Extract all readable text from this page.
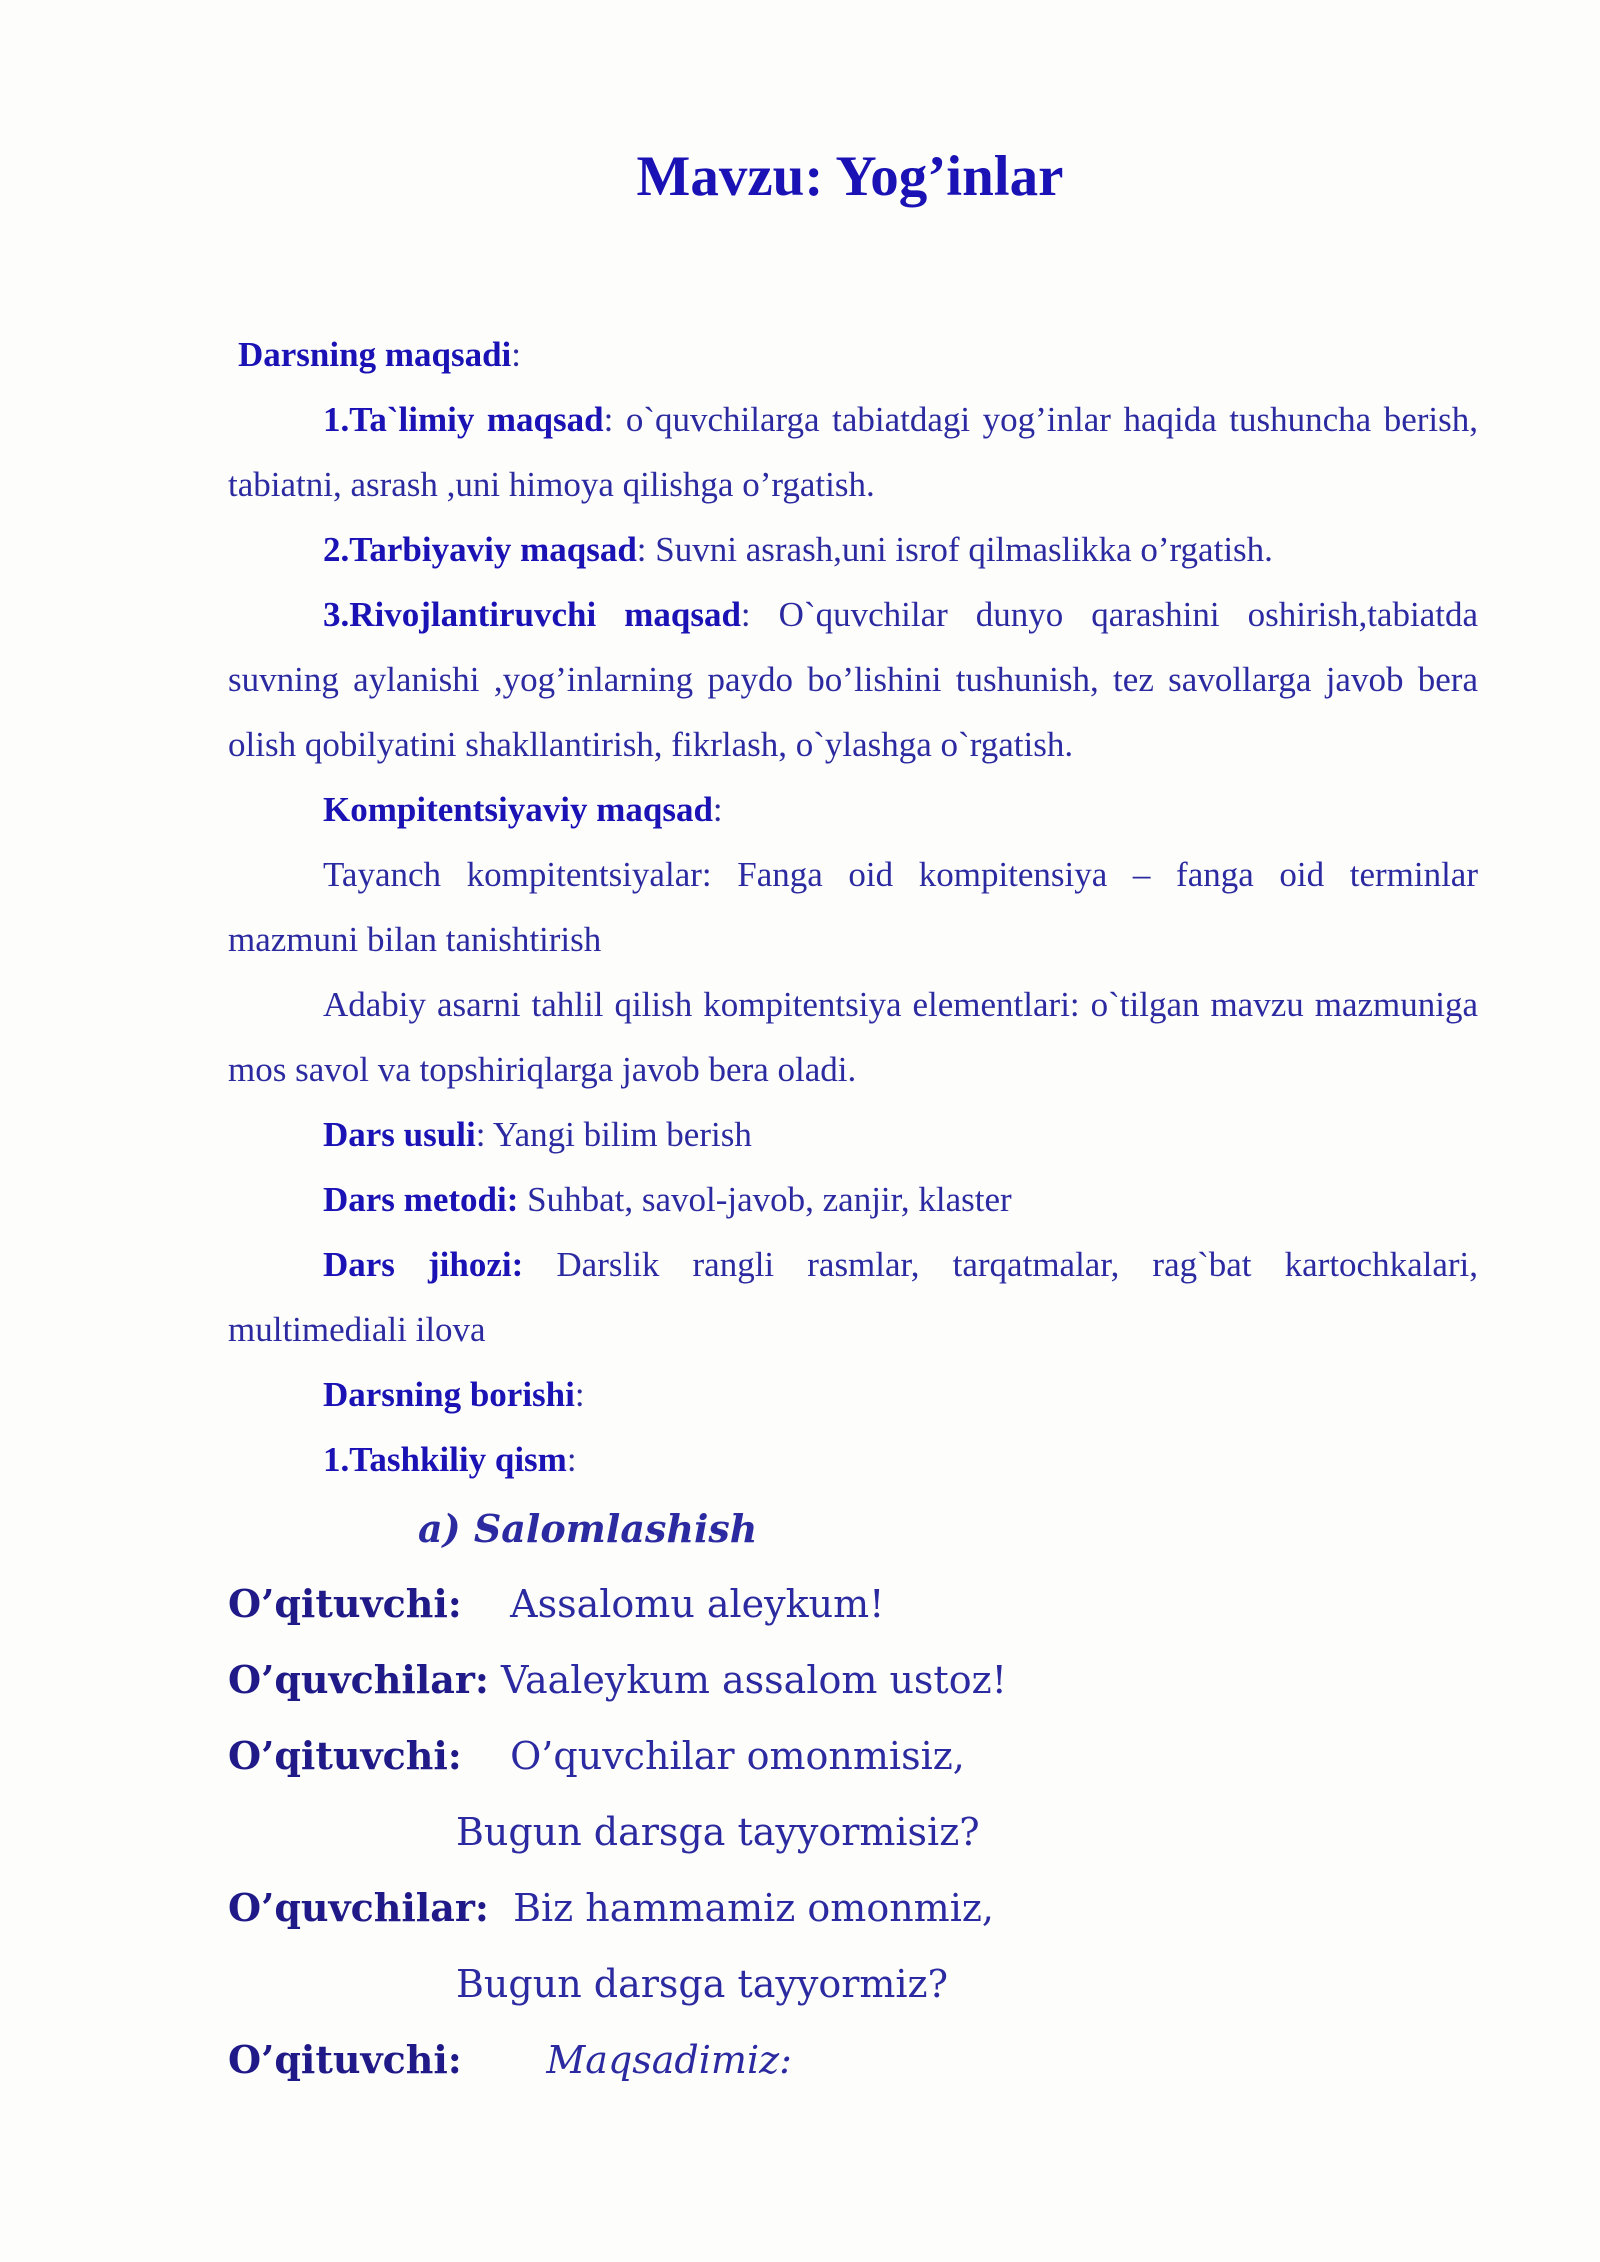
Mavzu: Yog’inlar

Darsning maqsadi:

1.Ta`limiy maqsad: o`quvchilarga tabiatdagi yog’inlar haqida tushuncha berish, tabiatni, asrash ,uni himoya qilishga o’rgatish.

2.Tarbiyaviy maqsad: Suvni asrash,uni isrof qilmaslikka o’rgatish.

3.Rivojlantiruvchi maqsad: O`quvchilar dunyo qarashini oshirish,tabiatda suvning aylanishi ,yog’inlarning paydo bo’lishini tushunish, tez savollarga javob bera olish qobilyatini shakllantirish, fikrlash, o`ylashga o`rgatish.

Kompitentsiyaviy maqsad:

Tayanch kompitentsiyalar: Fanga oid kompitensiya – fanga oid terminlar mazmuni bilan tanishtirish

Adabiy asarni tahlil qilish kompitentsiya elementlari: o`tilgan mavzu mazmuniga mos savol va topshiriqlarga javob bera oladi.

Dars usuli: Yangi bilim berish

Dars metodi: Suhbat, savol-javob, zanjir, klaster

Dars jihozi: Darslik rangli rasmlar, tarqatmalar, rag`bat kartochkalari, multimediali ilova

Darsning borishi:

1.Tashkiliy qism:

a) Salomlashish

O’qituvchi: Assalomu aleykum!
O’quvchilar: Vaaleykum assalom ustoz!
O’qituvchi: O’quvchilar omonmisiz,
Bugun darsga tayyormisiz?
O’quvchilar: Biz hammamiz omonmiz,
Bugun darsga tayyormiz?
O’qituvchi: Maqsadimiz:
